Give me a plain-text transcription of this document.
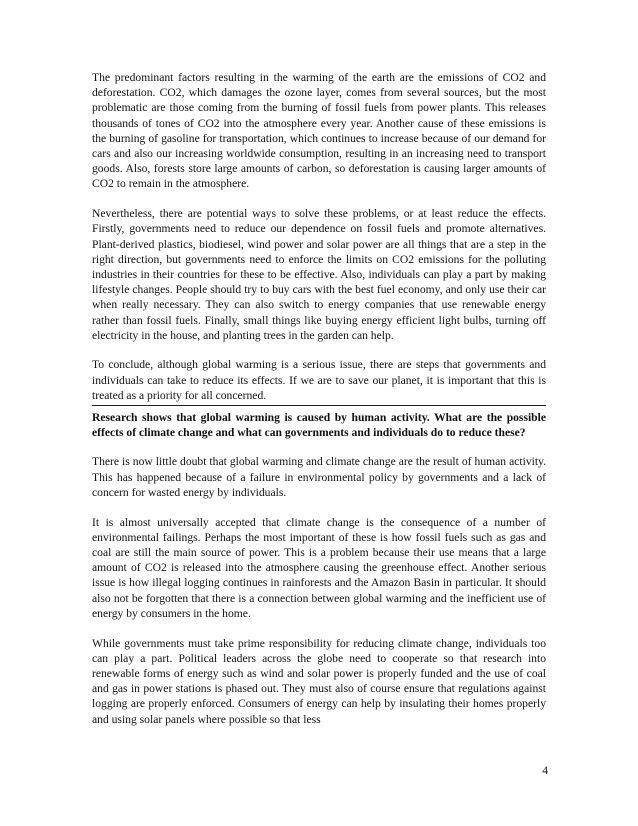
The predominant factors resulting in the warming of the earth are the emissions of CO2 and deforestation. CO2, which damages the ozone layer, comes from several sources, but the most problematic are those coming from the burning of fossil fuels from power plants. This releases thousands of tones of CO2 into the atmosphere every year. Another cause of these emissions is the burning of gasoline for transportation, which continues to increase because of our demand for cars and also our increasing worldwide consumption, resulting in an increasing need to transport goods. Also, forests store large amounts of carbon, so deforestation is causing larger amounts of CO2 to remain in the atmosphere.

Nevertheless, there are potential ways to solve these problems, or at least reduce the effects. Firstly, governments need to reduce our dependence on fossil fuels and promote alternatives. Plant-derived plastics, biodiesel, wind power and solar power are all things that are a step in the right direction, but governments need to enforce the limits on CO2 emissions for the polluting industries in their countries for these to be effective. Also, individuals can play a part by making lifestyle changes. People should try to buy cars with the best fuel economy, and only use their car when really necessary. They can also switch to energy companies that use renewable energy rather than fossil fuels. Finally, small things like buying energy efficient light bulbs, turning off electricity in the house, and planting trees in the garden can help.

To conclude, although global warming is a serious issue, there are steps that governments and individuals can take to reduce its effects. If we are to save our planet, it is important that this is treated as a priority for all concerned.

Research shows that global warming is caused by human activity. What are the possible effects of climate change and what can governments and individuals do to reduce these?

There is now little doubt that global warming and climate change are the result of human activity. This has happened because of a failure in environmental policy by governments and a lack of concern for wasted energy by individuals.

It is almost universally accepted that climate change is the consequence of a number of environmental failings. Perhaps the most important of these is how fossil fuels such as gas and coal are still the main source of power. This is a problem because their use means that a large amount of CO2 is released into the atmosphere causing the greenhouse effect. Another serious issue is how illegal logging continues in rainforests and the Amazon Basin in particular. It should also not be forgotten that there is a connection between global warming and the inefficient use of energy by consumers in the home.

While governments must take prime responsibility for reducing climate change, individuals too can play a part. Political leaders across the globe need to cooperate so that research into renewable forms of energy such as wind and solar power is properly funded and the use of coal and gas in power stations is phased out. They must also of course ensure that regulations against logging are properly enforced. Consumers of energy can help by insulating their homes properly and using solar panels where possible so that less

4
